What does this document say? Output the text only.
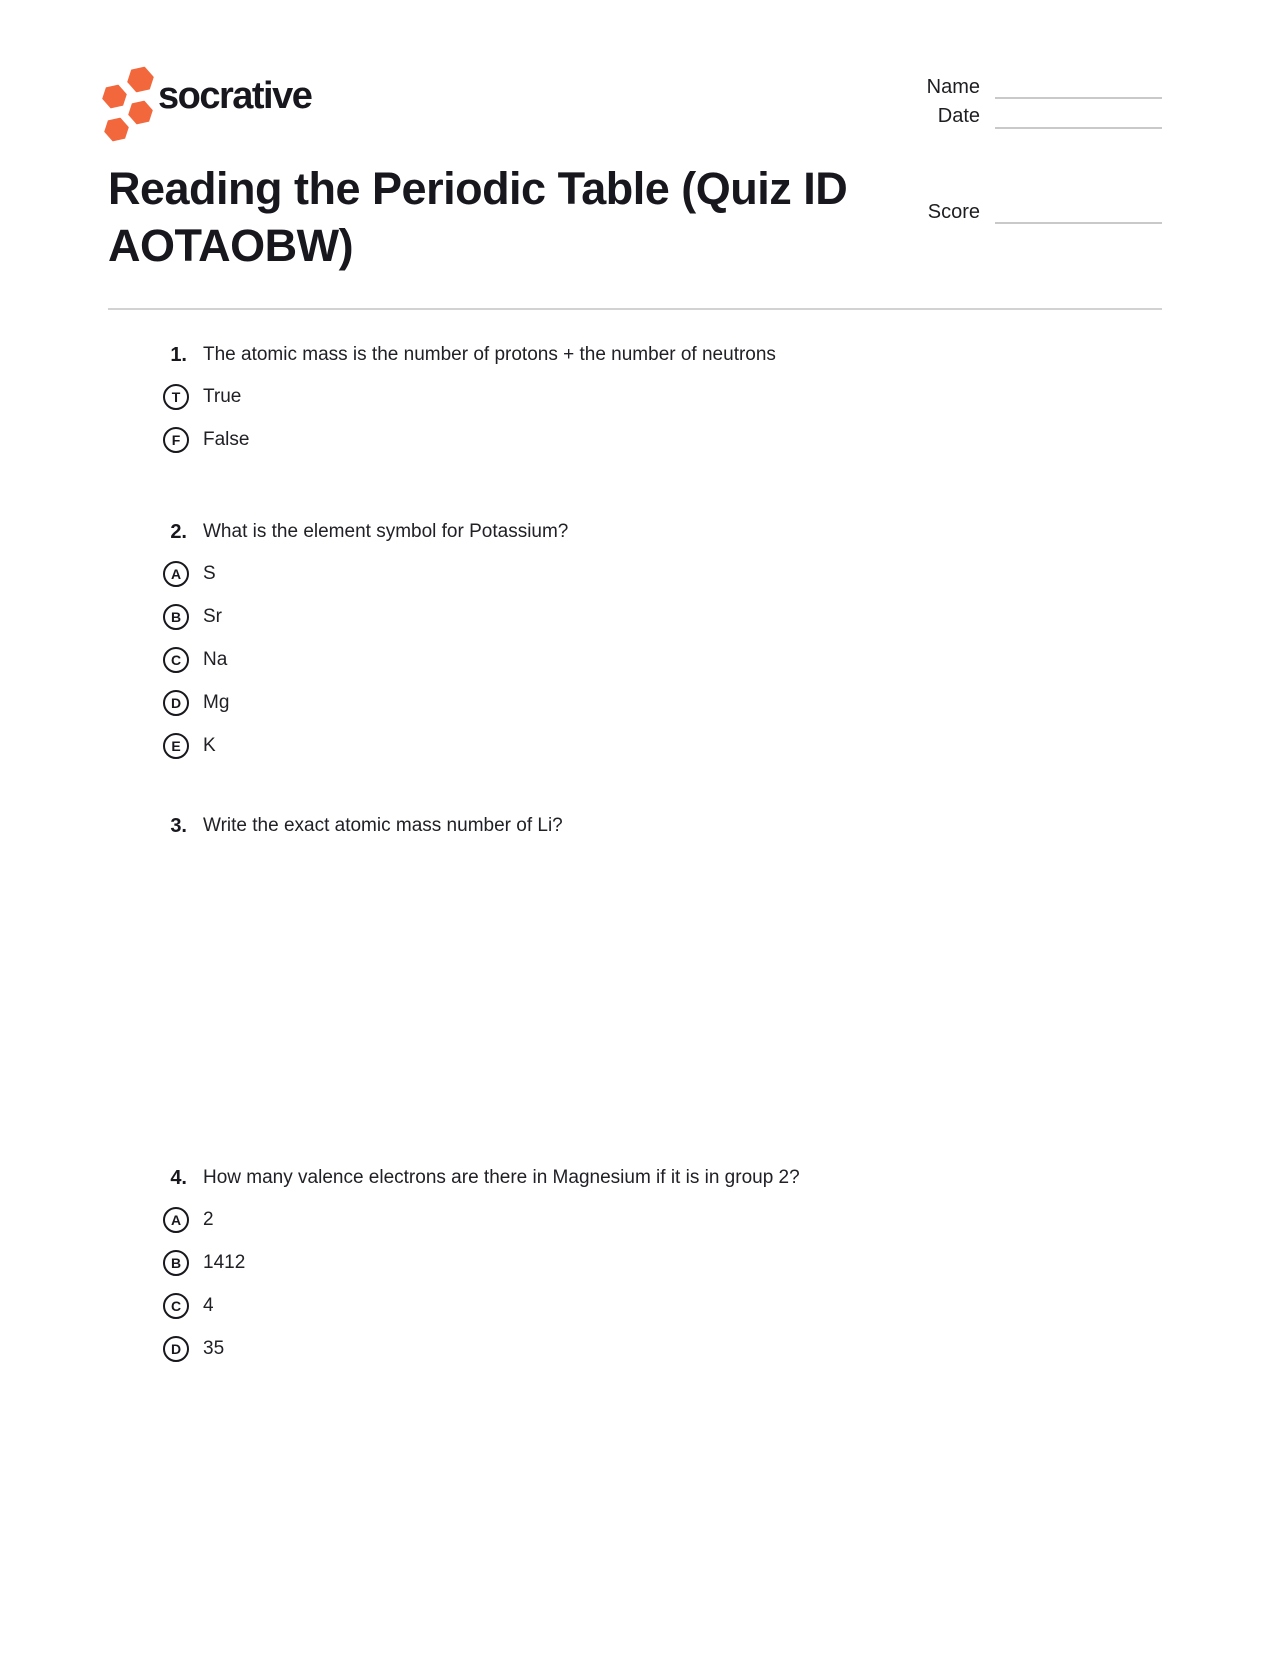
socrative	Name
Date
Score
Reading the Periodic Table (Quiz ID AOTAOBW)
1. The atomic mass is the number of protons + the number of neutrons
T	True
F	False
2. What is the element symbol for Potassium?
A	S
B	Sr
C	Na
D	Mg
E	K
3. Write the exact atomic mass number of Li?
4. How many valence electrons are there in Magnesium if it is in group 2?
A	2
B	1412
C	4
D	35
